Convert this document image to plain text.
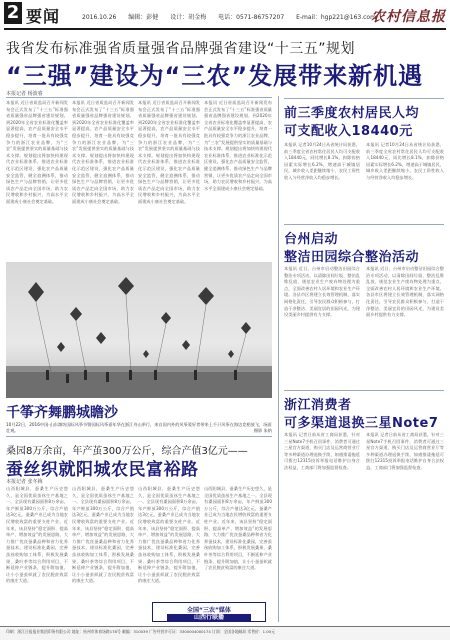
2 要闻	2016.10.26 编辑：彭健 设计：胡金梅 电话：0571-86757207 E-mail：hgp221@163.com
农村信息报
我省发布标准强省质量强省品牌强省建设“十三五”规划
“三强”建设为“三农”发展带来新机遇
本报记者 杨波睿
本报讯 近日省质监局召开新闻发布会正式发布了“十三五”标准强省质量强省品牌强省建设规划。到2020年全省农业标准化覆盖率显著提高，农产品质量安全水平稳步提升，培育一批具有较强竞争力的浙江农业品牌，为“三农”发展提供坚实的质量基础与技术支撑。规划提出将加快构建现代农业标准体系，推进农业标准化示范区建设，强化农产品质量安全监管，健全追溯体系，推动绿色生产与品牌营销，让更多优质农产品走向全国市场，助力农民增收和乡村振兴，为高水平全面建成小康社会奠定基础。
本报讯 近日省质监局召开新闻发布会正式发布了“十三五”标准强省质量强省品牌强省建设规划。到2020年全省农业标准化覆盖率显著提高，农产品质量安全水平稳步提升，培育一批具有较强竞争力的浙江农业品牌，为“三农”发展提供坚实的质量基础与技术支撑。规划提出将加快构建现代农业标准体系，推进农业标准化示范区建设，强化农产品质量安全监管，健全追溯体系，推动绿色生产与品牌营销，让更多优质农产品走向全国市场，助力农民增收和乡村振兴，为高水平全面建成小康社会奠定基础。
本报讯 近日省质监局召开新闻发布会正式发布了“十三五”标准强省质量强省品牌强省建设规划。到2020年全省农业标准化覆盖率显著提高，农产品质量安全水平稳步提升，培育一批具有较强竞争力的浙江农业品牌，为“三农”发展提供坚实的质量基础与技术支撑。规划提出将加快构建现代农业标准体系，推进农业标准化示范区建设，强化农产品质量安全监管，健全追溯体系，推动绿色生产与品牌营销，让更多优质农产品走向全国市场，助力农民增收和乡村振兴，为高水平全面建成小康社会奠定基础。
本报讯 近日省质监局召开新闻发布会正式发布了“十三五”标准强省质量强省品牌强省建设规划。到2020年全省农业标准化覆盖率显著提高，农产品质量安全水平稳步提升，培育一批具有较强竞争力的浙江农业品牌，为“三农”发展提供坚实的质量基础与技术支撑。规划提出将加快构建现代农业标准体系，推进农业标准化示范区建设，强化农产品质量安全监管，健全追溯体系，推动绿色生产与品牌营销，让更多优质农产品走向全国市场，助力农民增收和乡村振兴，为高水平全面建成小康社会奠定基础。
千筝齐舞鹏城瞻沙
10月22日，2016中国·山东潍坊国际风筝节暨国际风筝嘉年华在浙江舟山举行，来自国内外的风筝爱好者带来上千只风筝在海边竞相放飞，场面壮观。	摄影 朱纳
前三季度农村居民人均
可支配收入18440元
本报讯 记者10月24日从省统计局获悉，前三季度全省农村常住居民人均可支配收入18440元，同比增长8.1%，扣除价格因素实际增长6.2%，增速高于城镇居民，城乡收入差距继续缩小，农民工资性收入与经营净收入均稳步增长。
本报讯 记者10月24日从省统计局获悉，前三季度全省农村常住居民人均可支配收入18440元，同比增长8.1%，扣除价格因素实际增长6.2%，增速高于城镇居民，城乡收入差距继续缩小，农民工资性收入与经营净收入均稳步增长。
台州启动
整洁田园综合整治活动
本报讯 近日，台州市启动整洁田园综合整治专项活动，以清除田间垃圾、整治乱堆乱放、规范农业生产废弃物处理为重点，全面改善农村人居环境和农业生产环境。各县市区将建立长效管理机制，落实网格化责任，引导农民群众积极参与，打造干净整洁、美丽宜居的田园风光，为建设美丽乡村提供有力支撑。
本报讯 近日，台州市启动整洁田园综合整治专项活动，以清除田间垃圾、整治乱堆乱放、规范农业生产废弃物处理为重点，全面改善农村人居环境和农业生产环境。各县市区将建立长效管理机制，落实网格化责任，引导农民群众积极参与，打造干净整洁、美丽宜居的田园风光，为建设美丽乡村提供有力支撑。
浙江消费者
可多渠道退换三星Note7
本报讯 记者日前从省工商局获悉，针对三星Note7手机召回事件，消费者可通过三星官方渠道、购买门店及运营商营业厅等多种渠道办理退换手续，如遇推诿拖延可拨打12315投诉举报电话维护自身合法权益，工商部门将加强监督检查。
本报讯 记者日前从省工商局获悉，针对三星Note7手机召回事件，消费者可通过三星官方渠道、购买门店及运营商营业厅等多种渠道办理退换手续，如遇推诿拖延可拨打12315投诉举报电话维护自身合法权益，工商部门将加强监督检查。
桑园8万余亩，年产茧300万公斤，综合产值3亿元——
蚕丝织就阳城农民富裕路
本报记者 张冬梅
山西阳城县，蚕桑生产历史悠久，是全国优质茧丝生产基地之一。全县现有桑园面积8万余亩，年产鲜茧300万公斤，综合产值达3亿元，蚕桑产业已成为当地农民增收致富的重要支柱产业。近年来，该县坚持“稳定面积、提高单产、增加效益”的发展思路，大力推广优良蚕桑品种和省力化养蚕技术，建设标准化桑园，完善茧丝收购加工体系，积极发展桑果、桑叶茶等综合利用项目，不断延伸产业链条，提升附加值，让小小蚕茧织就了农民脱贫致富的康庄大道。
山西阳城县，蚕桑生产历史悠久，是全国优质茧丝生产基地之一。全县现有桑园面积8万余亩，年产鲜茧300万公斤，综合产值达3亿元，蚕桑产业已成为当地农民增收致富的重要支柱产业。近年来，该县坚持“稳定面积、提高单产、增加效益”的发展思路，大力推广优良蚕桑品种和省力化养蚕技术，建设标准化桑园，完善茧丝收购加工体系，积极发展桑果、桑叶茶等综合利用项目，不断延伸产业链条，提升附加值，让小小蚕茧织就了农民脱贫致富的康庄大道。
山西阳城县，蚕桑生产历史悠久，是全国优质茧丝生产基地之一。全县现有桑园面积8万余亩，年产鲜茧300万公斤，综合产值达3亿元，蚕桑产业已成为当地农民增收致富的重要支柱产业。近年来，该县坚持“稳定面积、提高单产、增加效益”的发展思路，大力推广优良蚕桑品种和省力化养蚕技术，建设标准化桑园，完善茧丝收购加工体系，积极发展桑果、桑叶茶等综合利用项目，不断延伸产业链条，提升附加值，让小小蚕茧织就了农民脱贫致富的康庄大道。
山西阳城县，蚕桑生产历史悠久，是全国优质茧丝生产基地之一。全县现有桑园面积8万余亩，年产鲜茧300万公斤，综合产值达3亿元，蚕桑产业已成为当地农民增收致富的重要支柱产业。近年来，该县坚持“稳定面积、提高单产、增加效益”的发展思路，大力推广优良蚕桑品种和省力化养蚕技术，建设标准化桑园，完善茧丝收购加工体系，积极发展桑果、桑叶茶等综合利用项目，不断延伸产业链条，提升附加值，让小小蚕茧织就了农民脱贫致富的康庄大道。
全国“三农”媒体
山西行联播
印刷：浙江日报报业集团印务有限公司 地址：杭州市体育场路178号 邮编：310039 广告经营许可证：3300004000174 订阅：全国各地邮局 零售价：1.00元
